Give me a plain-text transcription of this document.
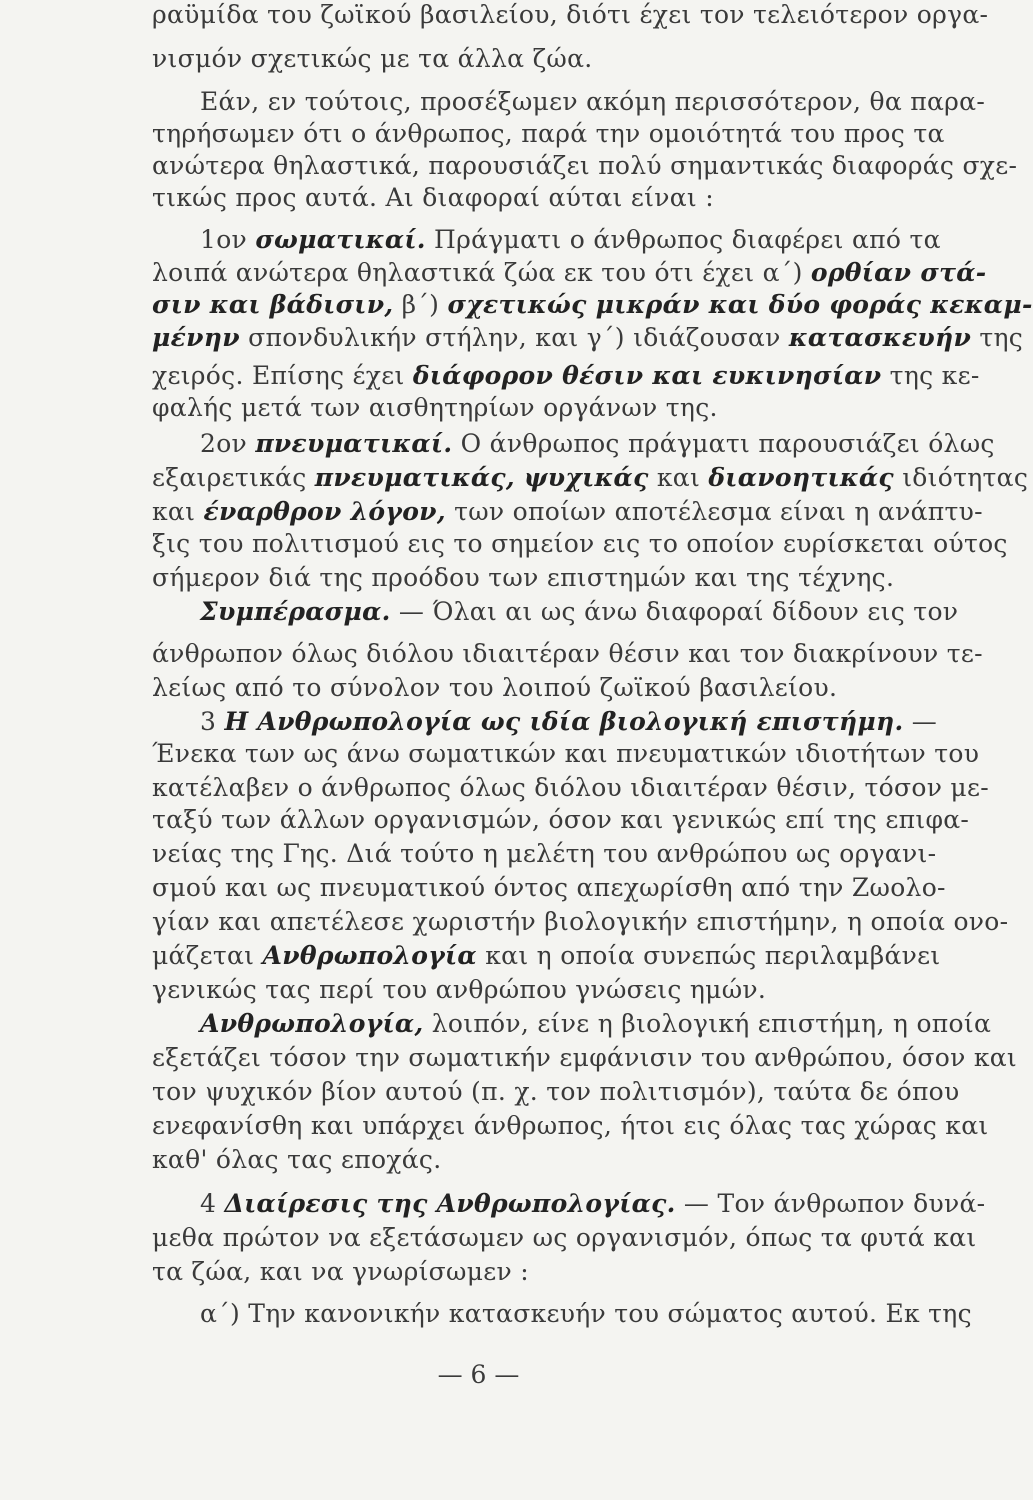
ραϋμίδα του ζωϊκού βασιλείου, διότι έχει τον τελειότερον οργα-
νισμόν σχετικώς με τα άλλα ζώα.
Εάν, εν τούτοις, προσέξωμεν ακόμη περισσότερον, θα παρα-
τηρήσωμεν ότι ο άνθρωπος, παρά την ομοιότητά του προς τα
ανώτερα θηλαστικά, παρουσιάζει πολύ σημαντικάς διαφοράς σχε-
τικώς προς αυτά. Αι διαφοραί αύται είναι :
1ον σωματικαί. Πράγματι ο άνθρωπος διαφέρει από τα
λοιπά ανώτερα θηλαστικά ζώα εκ του ότι έχει α΄) ορθίαν στά-
σιν και βάδισιν, β΄) σχετικώς μικράν και δύο φοράς κεκαμ-
μένην σπονδυλικήν στήλην, και γ΄) ιδιάζουσαν κατασκευήν της
χειρός. Επίσης έχει διάφορον θέσιν και ευκινησίαν της κε-
φαλής μετά των αισθητηρίων οργάνων της.
2ον πνευματικαί. Ο άνθρωπος πράγματι παρουσιάζει όλως
εξαιρετικάς πνευματικάς, ψυχικάς και διανοητικάς ιδιότητας
και έναρθρον λόγον, των οποίων αποτέλεσμα είναι η ανάπτυ-
ξις του πολιτισμού εις το σημείον εις το οποίον ευρίσκεται ούτος
σήμερον διά της προόδου των επιστημών και της τέχνης.
Συμπέρασμα. — Όλαι αι ως άνω διαφοραί δίδουν εις τον
άνθρωπον όλως διόλου ιδιαιτέραν θέσιν και τον διακρίνουν τε-
λείως από το σύνολον του λοιπού ζωϊκού βασιλείου.
3 Η Ανθρωπολογία ως ιδία βιολογική επιστήμη. —
Ένεκα των ως άνω σωματικών και πνευματικών ιδιοτήτων του
κατέλαβεν ο άνθρωπος όλως διόλου ιδιαιτέραν θέσιν, τόσον με-
ταξύ των άλλων οργανισμών, όσον και γενικώς επί της επιφα-
νείας της Γης. Διά τούτο η μελέτη του ανθρώπου ως οργανι-
σμού και ως πνευματικού όντος απεχωρίσθη από την Ζωολο-
γίαν και απετέλεσε χωριστήν βιολογικήν επιστήμην, η οποία ονο-
μάζεται Ανθρωπολογία και η οποία συνεπώς περιλαμβάνει
γενικώς τας περί του ανθρώπου γνώσεις ημών.
Ανθρωπολογία, λοιπόν, είνε η βιολογική επιστήμη, η οποία
εξετάζει τόσον την σωματικήν εμφάνισιν του ανθρώπου, όσον και
τον ψυχικόν βίον αυτού (π. χ. τον πολιτισμόν), ταύτα δε όπου
ενεφανίσθη και υπάρχει άνθρωπος, ήτοι εις όλας τας χώρας και
καθ' όλας τας εποχάς.
4 Διαίρεσις της Ανθρωπολογίας. — Τον άνθρωπον δυνά-
μεθα πρώτον να εξετάσωμεν ως οργανισμόν, όπως τα φυτά και
τα ζώα, και να γνωρίσωμεν :
α΄) Την κανονικήν κατασκευήν του σώματος αυτού. Εκ της
— 6 —
